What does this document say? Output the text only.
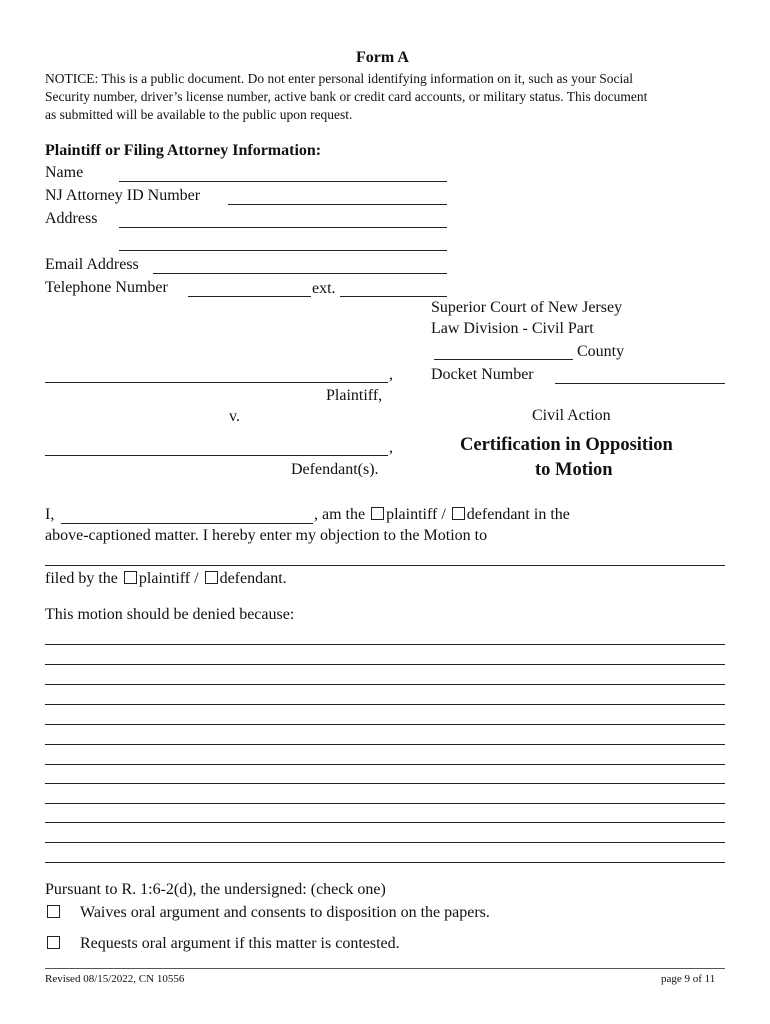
Form A
NOTICE: This is a public document. Do not enter personal identifying information on it, such as your Social
Security number, driver’s license number, active bank or credit card accounts, or military status. This document
as submitted will be available to the public upon request.
Plaintiff or Filing Attorney Information:
Name
NJ Attorney ID Number
Address
Email Address
Telephone Number	ext.
Superior Court of New Jersey
Law Division - Civil Part
County
Docket Number
,
Plaintiff,
v.	Civil Action
,
Defendant(s).
Certification in Opposition
to Motion
I,	, am the plaintiff / defendant in the
above-captioned matter. I hereby enter my objection to the Motion to
filed by the plaintiff / defendant.
This motion should be denied because:
Pursuant to R. 1:6-2(d), the undersigned: (check one)
Waives oral argument and consents to disposition on the papers.
Requests oral argument if this matter is contested.
Revised 08/15/2022, CN 10556	page 9 of 11
